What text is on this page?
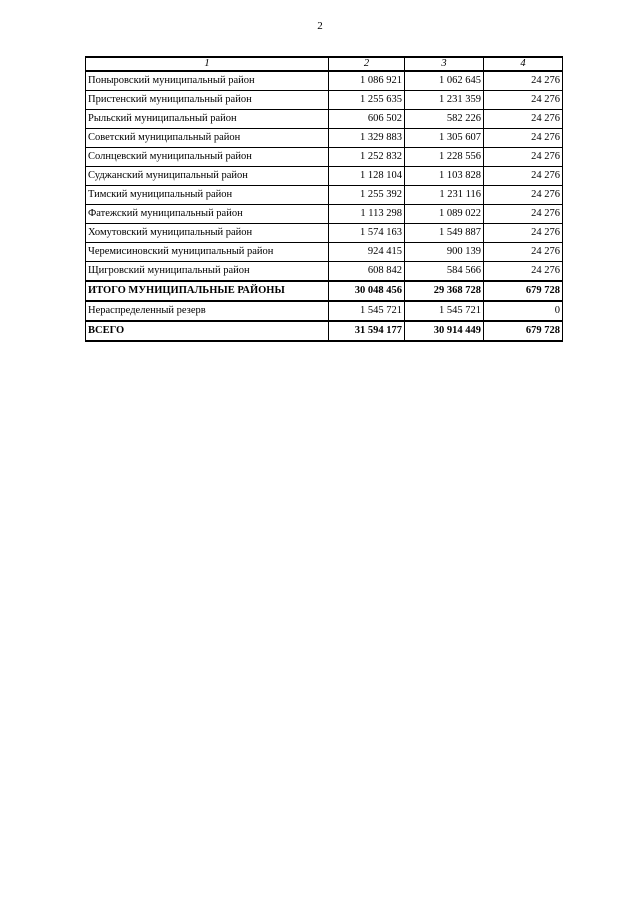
2
1	2	3	4
Поныровский муниципальный район	1 086 921	1 062 645	24 276
Пристенский муниципальный район	1 255 635	1 231 359	24 276
Рыльский муниципальный район	606 502	582 226	24 276
Советский муниципальный район	1 329 883	1 305 607	24 276
Солнцевский муниципальный район	1 252 832	1 228 556	24 276
Суджанский муниципальный район	1 128 104	1 103 828	24 276
Тимский муниципальный район	1 255 392	1 231 116	24 276
Фатежский муниципальный район	1 113 298	1 089 022	24 276
Хомутовский муниципальный район	1 574 163	1 549 887	24 276
Черемисиновский муниципальный район	924 415	900 139	24 276
Щигровский муниципальный район	608 842	584 566	24 276
ИТОГО МУНИЦИПАЛЬНЫЕ РАЙОНЫ	30 048 456	29 368 728	679 728
Нераспределенный резерв	1 545 721	1 545 721	0
ВСЕГО	31 594 177	30 914 449	679 728
